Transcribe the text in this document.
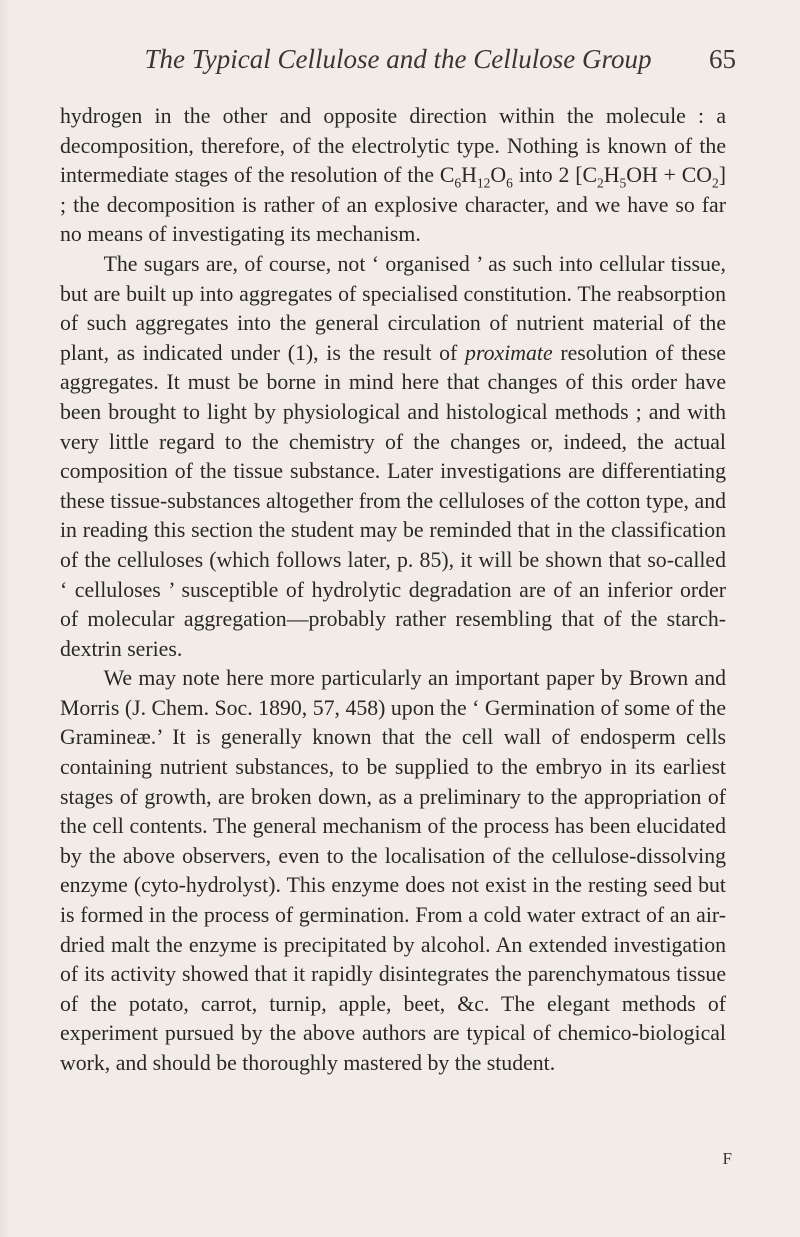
The Typical Cellulose and the Cellulose Group	65

hydrogen in the other and opposite direction within the molecule : a decomposition, therefore, of the electrolytic type. Nothing is known of the intermediate stages of the resolution of the $C_6H_{12}O_6$ into 2 $[C_2H_5OH + CO_2]$ ; the decomposition is rather of an explosive character, and we have so far no means of investigating its mechanism.

The sugars are, of course, not ‘ organised ’ as such into cellular tissue, but are built up into aggregates of specialised constitution. The reabsorption of such aggregates into the general circulation of nutrient material of the plant, as indicated under (1), is the result of proximate resolution of these aggregates. It must be borne in mind here that changes of this order have been brought to light by physiological and histological methods ; and with very little regard to the chemistry of the changes or, indeed, the actual composition of the tissue substance. Later investigations are differentiating these tissue-substances altogether from the celluloses of the cotton type, and in reading this section the student may be reminded that in the classification of the celluloses (which follows later, p. 85), it will be shown that so-called ‘ celluloses ’ susceptible of hydrolytic degradation are of an inferior order of molecular aggregation—probably rather resembling that of the starch-dextrin series.

We may note here more particularly an important paper by Brown and Morris (J. Chem. Soc. 1890, 57, 458) upon the ‘ Germination of some of the Gramineæ.’ It is generally known that the cell wall of endosperm cells containing nutrient substances, to be supplied to the embryo in its earliest stages of growth, are broken down, as a preliminary to the appropriation of the cell contents. The general mechanism of the process has been elucidated by the above observers, even to the localisation of the cellulose-dissolving enzyme (cyto-hydrolyst). This enzyme does not exist in the resting seed but is formed in the process of germination. From a cold water extract of an air-dried malt the enzyme is precipitated by alcohol. An extended investigation of its activity showed that it rapidly disintegrates the parenchymatous tissue of the potato, carrot, turnip, apple, beet, &c. The elegant methods of experiment pursued by the above authors are typical of chemico-biological work, and should be thoroughly mastered by the student.

F
